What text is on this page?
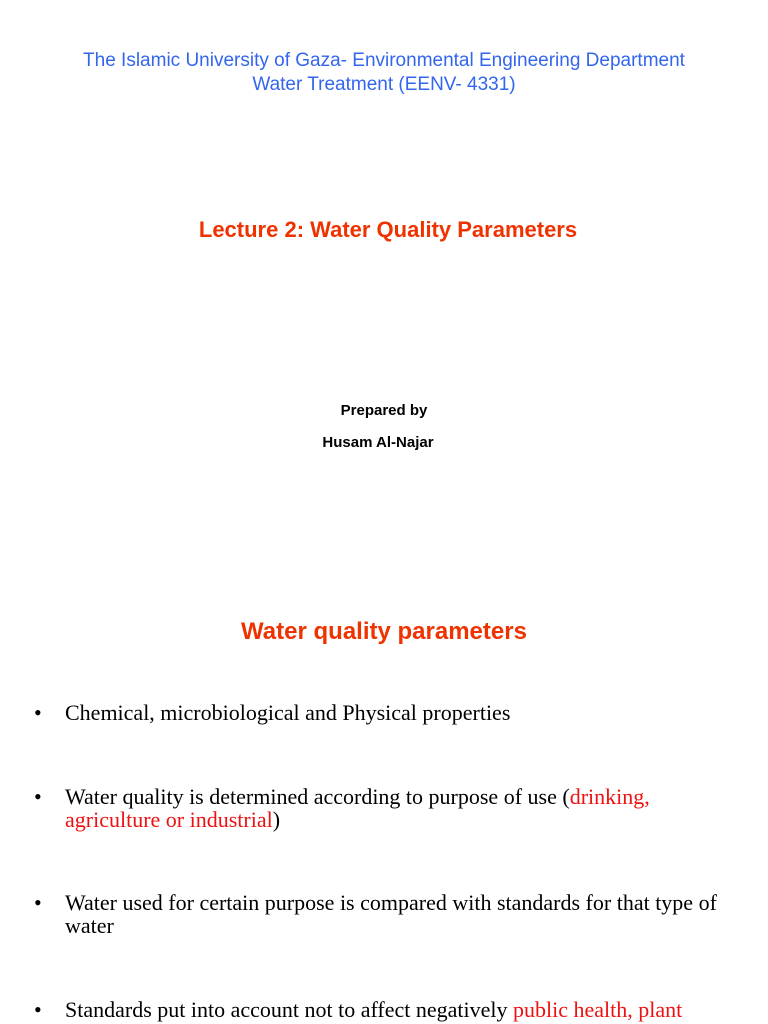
The Islamic University of Gaza- Environmental Engineering Department
Water Treatment (EENV- 4331)
Lecture 2: Water Quality Parameters
Prepared by
Husam Al-Najar
Water quality parameters
•	Chemical, microbiological and Physical properties
•	Water quality is determined according to purpose of use (drinking, agriculture or industrial)
•	Water used for certain purpose is compared with standards for that type of water
•	Standards put into account not to affect negatively public health, plant
